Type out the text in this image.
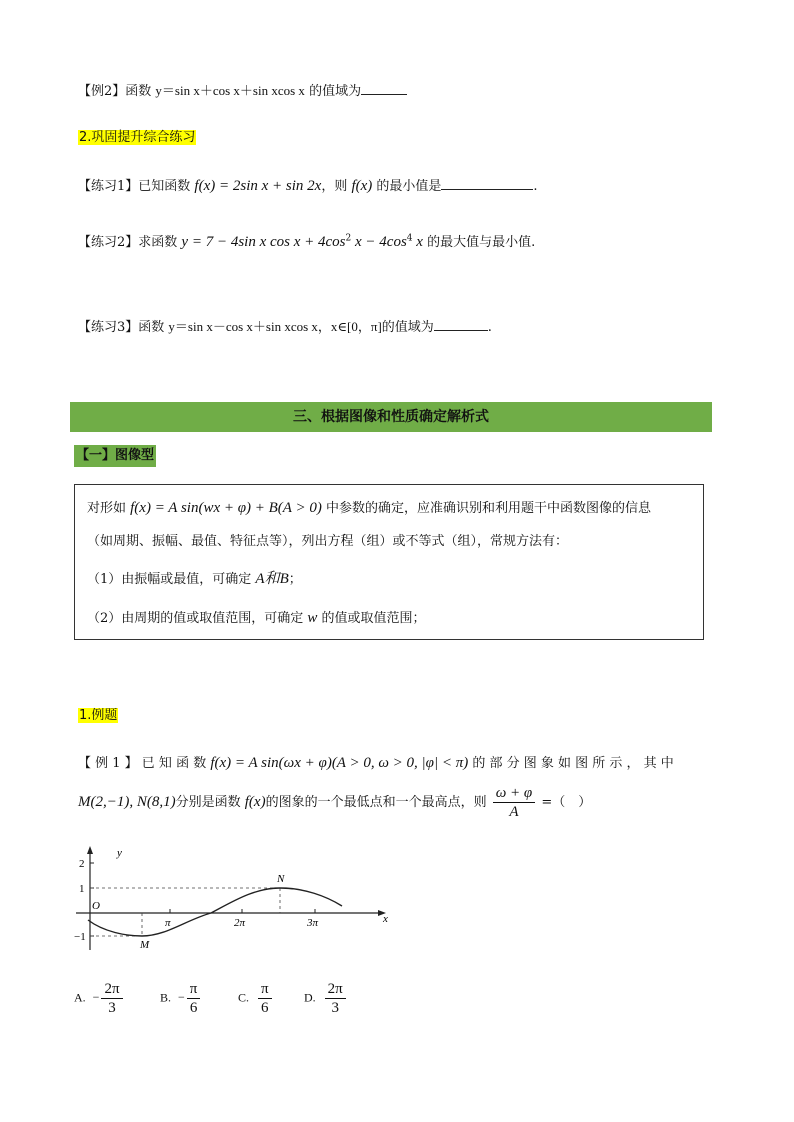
【例2】函数 y＝sin x＋cos x＋sin xcos x 的值域为
2.巩固提升综合练习
【练习1】已知函数 f(x) = 2sin x + sin 2x，则 f(x) 的最小值是	.
【练习2】求函数 y = 7 − 4sin x $\cos x + 4\cos^2$ $x - 4\cos^4$ x 的最大值与最小值.
【练习3】函数 y＝sin x－cos x＋sin xcos x，x∈[0，π]的值域为	.
三、根据图像和性质确定解析式
【一】图像型
对形如 f(x) = A sin(wx + φ) + B(A > 0) 中参数的确定，应准确识别和利用题干中函数图像的信息
（如周期、振幅、最值、特征点等），列出方程（组）或不等式（组），常规方法有：
（1）由振幅或最值，可确定 A和B；
（2）由周期的值或取值范围，可确定 w 的值或取值范围；
1.例题
【 例 1 】 已 知 函 数 f(x) = A sin(ωx + φ)(A > 0, ω > 0, |φ| < π) 的 部 分 图 象 如 图 所 示 ， 其 中
M(2,−1), N(8,1)分别是函数 f(x)的图象的一个最低点和一个最高点，则 $\frac{\omega + \varphi}{A}$ =（　）
y
x
O
2
1
−1
π	2π	3π
M
N
A. − $\frac{2\pi}{3}$	B. − $\frac{\pi}{6}$	C. $\frac{\pi}{6}$	D. $\frac{2\pi}{3}$
